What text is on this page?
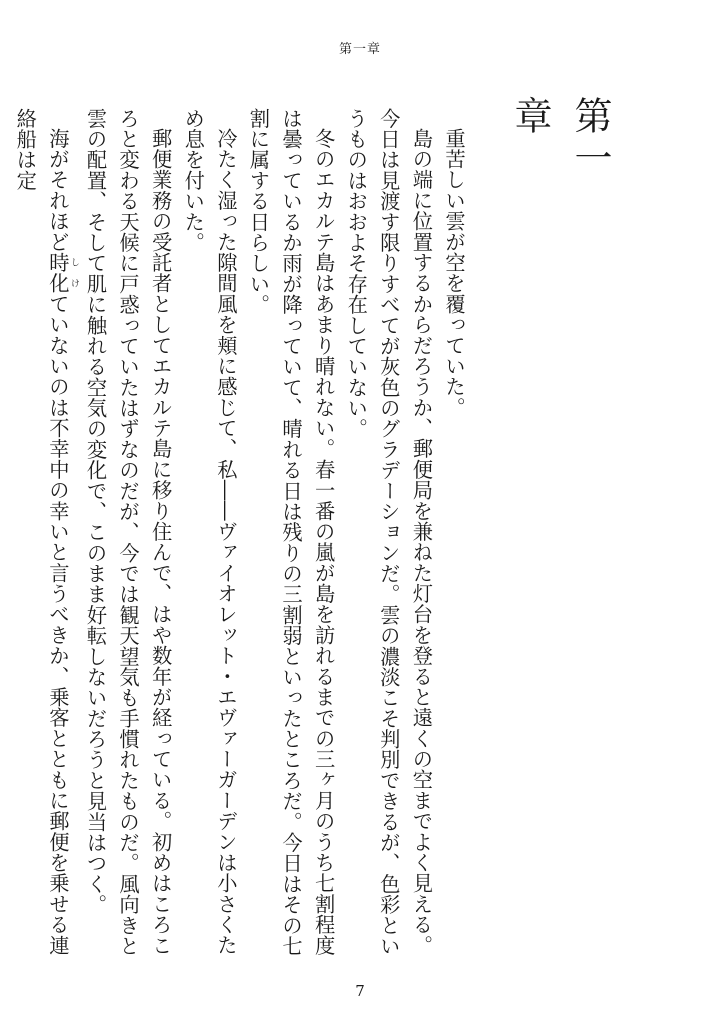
第一章
第一章

重苦しい雲が空を覆っていた。

島の端に位置するからだろうか、郵便局を兼ねた灯台を登ると遠くの空までよく見える。今日は見渡す限りすべてが灰色のグラデーションだ。雲の濃淡こそ判別できるが、色彩というものはおおよそ存在していない。

冬のエカルテ島はあまり晴れない。春一番の嵐が島を訪れるまでの三ヶ月のうち七割程度は曇っているか雨が降っていて、晴れる日は残りの三割弱といったところだ。今日はその七割に属する日らしい。

冷たく湿った隙間風を頬に感じて、私――ヴァイオレット・エヴァーガーデンは小さくため息を付いた。

郵便業務の受託者としてエカルテ島に移り住んで、はや数年が経っている。初めはころころと変わる天候に戸惑っていたはずなのだが、今では観天望気も手慣れたものだ。風向きと雲の配置、そして肌に触れる空気の変化で、このまま好転しないだろうと見当はつく。

海がそれほど時化 しけていないのは不幸中の幸いと言うべきか、乗客とともに郵便を乗せる連絡船は定

7
